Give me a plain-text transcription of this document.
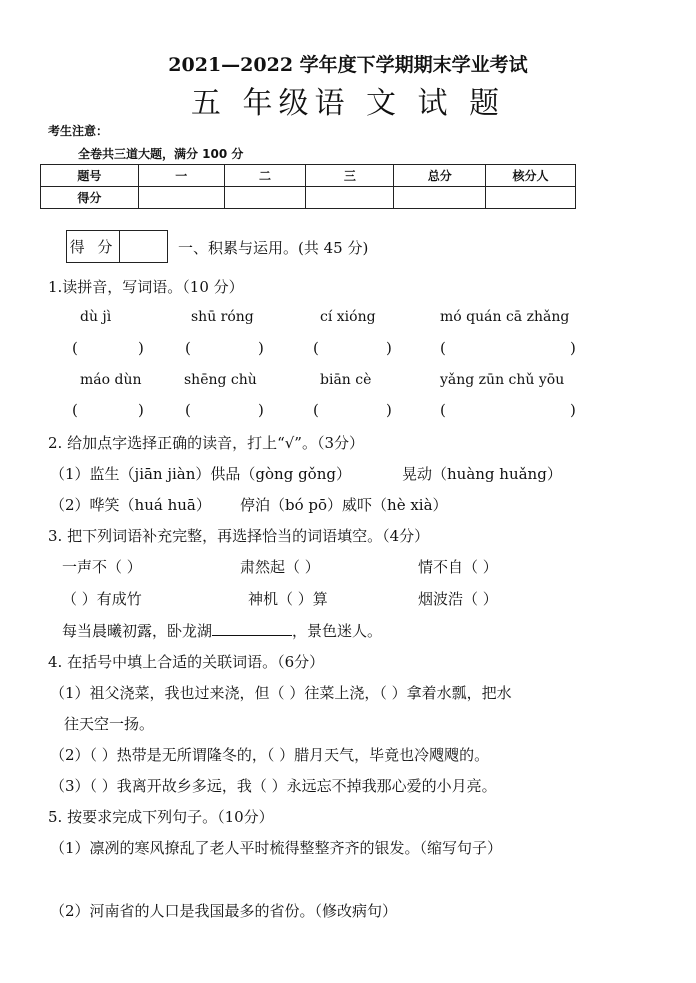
2021—2022 学年度下学期期末学业考试
五 年级语 文 试 题
考生注意：
全卷共三道大题，满分 100 分
题号	一	二	三	总分	核分人
得分					
得 分	一、积累与运用。(共 45 分)
1.读拼音，写词语。（10 分）
dù jì	shū róng	cí xióng	mó quán cā zhǎng
(	)	(	)	(	)	(	)
máo dùn	shēng chù	biān cè	yǎng zūn chǔ yōu
(	)	(	)	(	)	(	)
2. 给加点字选择正确的读音，打上“√”。（3分）
（1）监生（jiān jiàn）供品（gòng gǒng）	晃动（huàng huǎng）
（2）哗笑（huá huā） 停泊（bó pō）威吓（hè xià）
3. 把下列词语补充完整，再选择恰当的词语填空。（4分）
一声不（ ）	肃然起（ ）	情不自（ ）
（ ）有成竹	神机（ ）算	烟波浩（ ）
每当晨曦初露，卧龙湖	，景色迷人。
4. 在括号中填上合适的关联词语。（6分）
（1）祖父浇菜，我也过来浇，但（ ）往菜上浇，（ ）拿着水瓢，把水
往天空一扬。
（2）（ ）热带是无所谓隆冬的，（ ）腊月天气，毕竟也冷飕飕的。
（3）（ ）我离开故乡多远，我（ ）永远忘不掉我那心爱的小月亮。
5. 按要求完成下列句子。（10分）
（1）凛冽的寒风撩乱了老人平时梳得整整齐齐的银发。（缩写句子）
（2）河南省的人口是我国最多的省份。（修改病句）
